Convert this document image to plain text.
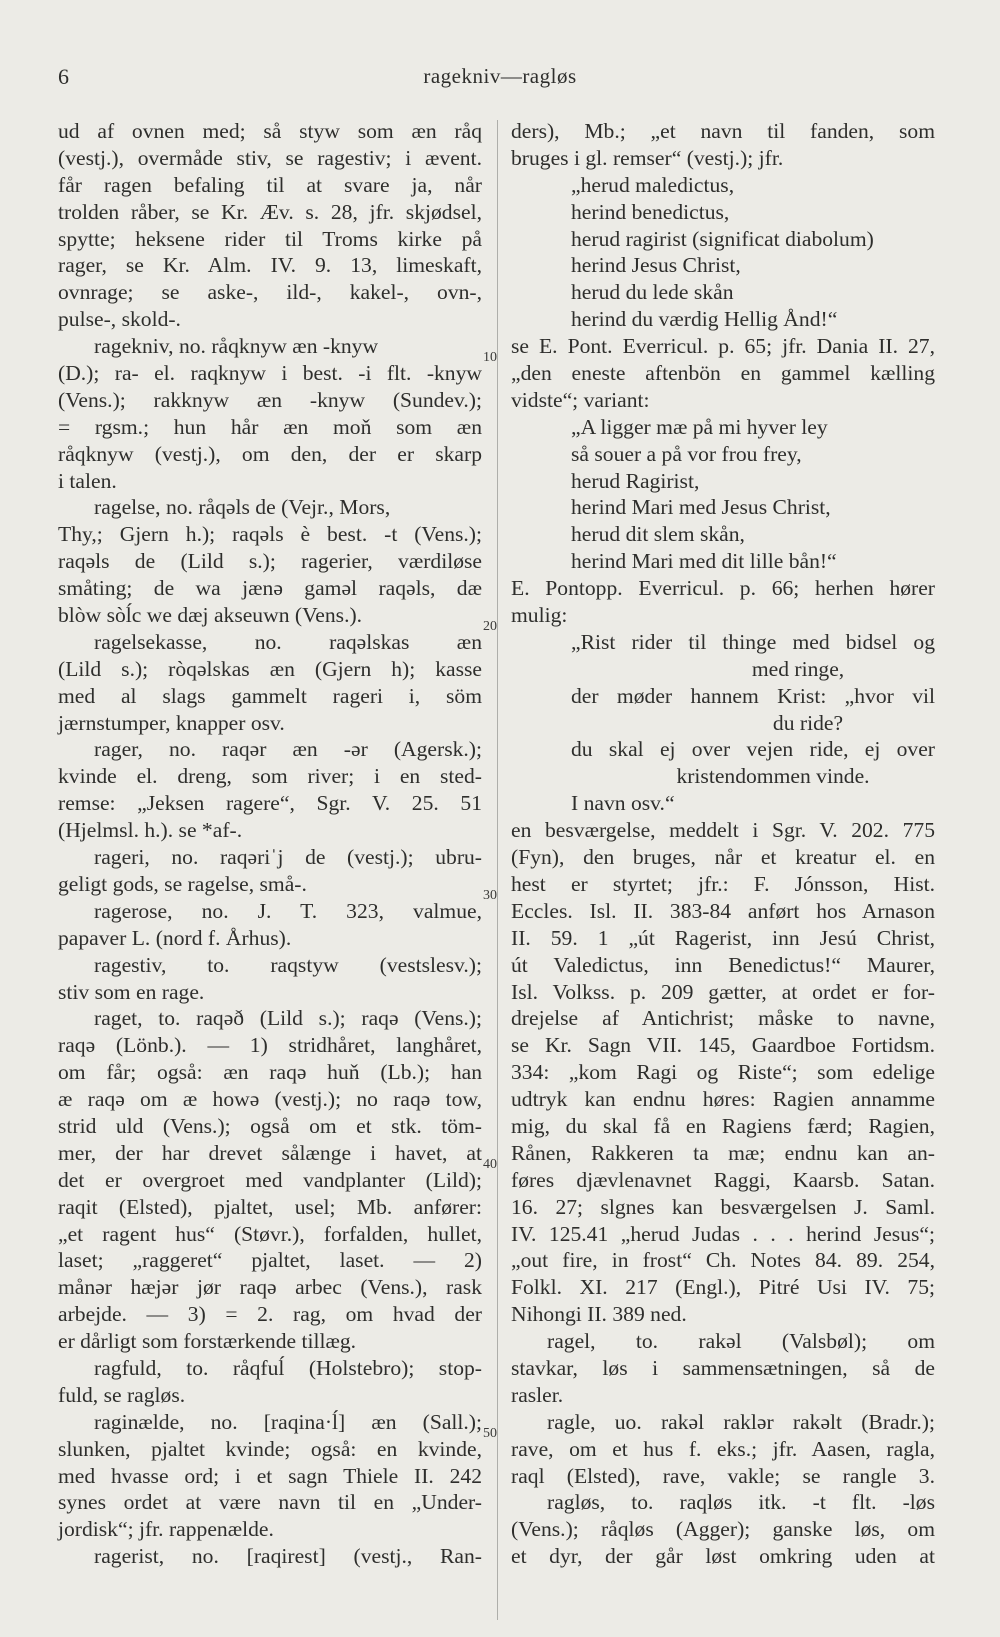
6	ragekniv—ragløs
10
20
30
40
50
ud af ovnen med; så styw som æn råq
(vestj.), overmåde stiv, se ragestiv; i ævent.
får ragen befaling til at svare ja, når
trolden råber, se Kr. Æv. s. 28, jfr. skjødsel,
spytte; heksene rider til Troms kirke på
rager, se Kr. Alm. IV. 9. 13, limeskaft,
ovnrage; se aske-, ild-, kakel-, ovn-,
pulse-, skold-.
ragekniv, no. råqknyw æn -knyw
(D.); ra- el. raqknyw i best. -i flt. -knyw
(Vens.); rakknyw æn -knyw (Sundev.);
= rgsm.; hun hår æn moň som æn
råqknyw (vestj.), om den, der er skarp
i talen.
ragelse, no. råqəls de (Vejr., Mors,
Thy,; Gjern h.); raqəls è best. -t (Vens.);
raqəls de (Lild s.); ragerier, værdiløse
småting; de wa jænə gaməl raqəls, dæ
blòw sòĺc we dæj akseuwn (Vens.).
ragelsekasse, no. raqəlskas æn
(Lild s.); ròqəlskas æn (Gjern h); kasse
med al slags gammelt rageri i, söm
jærnstumper, knapper osv.
rager, no. raqər æn -ər (Agersk.);
kvinde el. dreng, som river; i en sted-
remse: „Jeksen ragere“, Sgr. V. 25. 51
(Hjelmsl. h.). se *af-.
rageri, no. raqəriˈj de (vestj.); ubru-
geligt gods, se ragelse, små-.
ragerose, no. J. T. 323, valmue,
papaver L. (nord f. Århus).
ragestiv, to. raqstyw (vestslesv.);
stiv som en rage.
raget, to. raqəð (Lild s.); raqə (Vens.);
raqə (Lönb.). — 1) stridhåret, langhåret,
om får; også: æn raqə huň (Lb.); han
æ raqə om æ howə (vestj.); no raqə tow,
strid uld (Vens.); også om et stk. töm-
mer, der har drevet sålænge i havet, at
det er overgroet med vandplanter (Lild);
raqit (Elsted), pjaltet, usel; Mb. anfører:
„et ragent hus“ (Støvr.), forfalden, hullet,
laset; „raggeret“ pjaltet, laset. — 2)
månər hæjər jør raqə arbec (Vens.), rask
arbejde. — 3) = 2. rag, om hvad der
er dårligt som forstærkende tillæg.
ragfuld, to. råqfuĺ (Holstebro); stop-
fuld, se ragløs.
raginælde, no. [raqina·ĺ] æn (Sall.);
slunken, pjaltet kvinde; også: en kvinde,
med hvasse ord; i et sagn Thiele II. 242
synes ordet at være navn til en „Under-
jordisk“; jfr. rappenælde.
ragerist, no. [raqirest] (vestj., Ran-
ders), Mb.; „et navn til fanden, som
bruges i gl. remser“ (vestj.); jfr.
„herud maledictus,
herind benedictus,
herud ragirist (significat diabolum)
herind Jesus Christ,
herud du lede skån
herind du værdig Hellig Ånd!“
se E. Pont. Everricul. p. 65; jfr. Dania II. 27,
„den eneste aftenbön en gammel kælling
vidste“; variant:
„A ligger mæ på mi hyver ley
så souer a på vor frou frey,
herud Ragirist,
herind Mari med Jesus Christ,
herud dit slem skån,
herind Mari med dit lille bån!“
E. Pontopp. Everricul. p. 66; herhen hører
mulig:
„Rist rider til thinge med bidsel og
med ringe,
der møder hannem Krist: „hvor vil
du ride?
du skal ej over vejen ride, ej over
kristendommen vinde.
I navn osv.“
en besværgelse, meddelt i Sgr. V. 202. 775
(Fyn), den bruges, når et kreatur el. en
hest er styrtet; jfr.: F. Jónsson, Hist.
Eccles. Isl. II. 383-84 anført hos Arnason
II. 59. 1 „út Ragerist, inn Jesú Christ,
út Valedictus, inn Benedictus!“ Maurer,
Isl. Volkss. p. 209 gætter, at ordet er for-
drejelse af Antichrist; måske to navne,
se Kr. Sagn VII. 145, Gaardboe Fortidsm.
334: „kom Ragi og Riste“; som edelige
udtryk kan endnu høres: Ragien annamme
mig, du skal få en Ragiens færd; Ragien,
Rånen, Rakkeren ta mæ; endnu kan an-
føres djævlenavnet Raggi, Kaarsb. Satan.
16. 27; slgnes kan besværgelsen J. Saml.
IV. 125.41 „herud Judas . . . herind Jesus“;
„out fire, in frost“ Ch. Notes 84. 89. 254,
Folkl. XI. 217 (Engl.), Pitré Usi IV. 75;
Nihongi II. 389 ned.
ragel, to. rakəl (Valsbøl); om
stavkar, løs i sammensætningen, så de
rasler.
ragle, uo. rakəl raklər rakəlt (Bradr.);
rave, om et hus f. eks.; jfr. Aasen, ragla,
raql (Elsted), rave, vakle; se rangle 3.
ragløs, to. raqløs itk. -t flt. -løs
(Vens.); råqløs (Agger); ganske løs, om
et dyr, der går løst omkring uden at
